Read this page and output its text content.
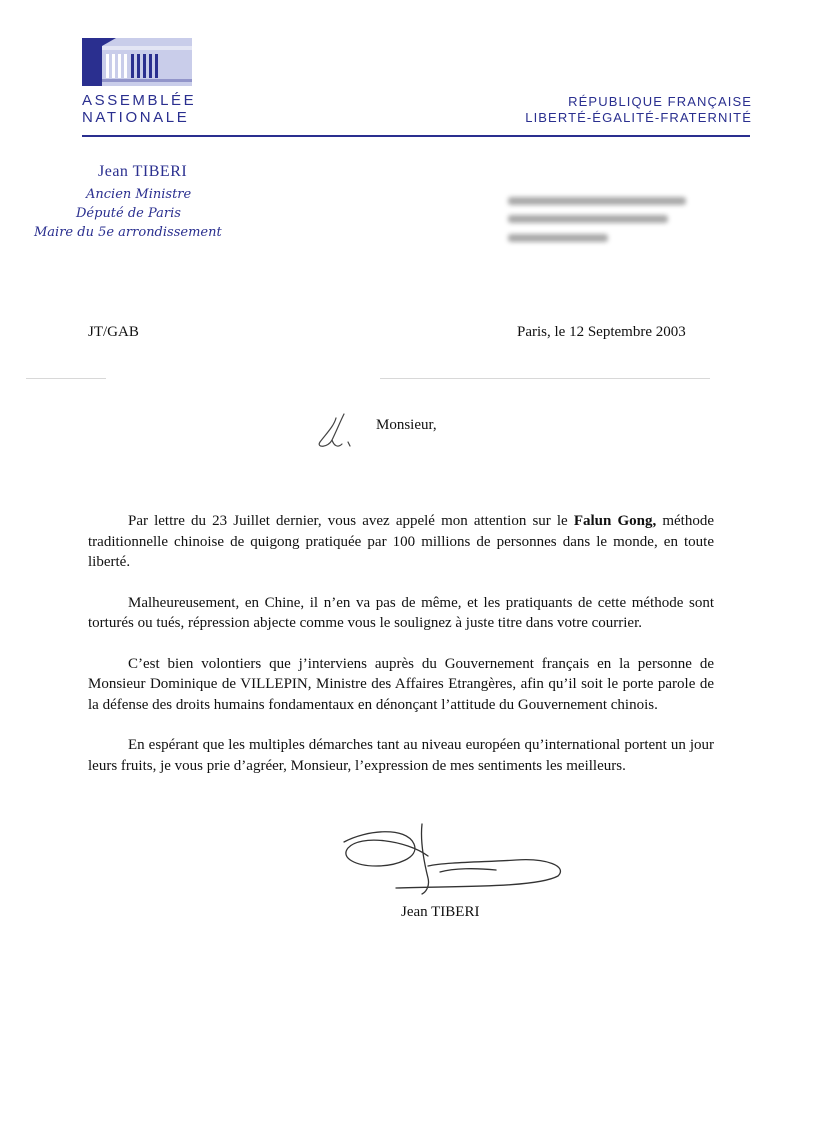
ASSEMBLÉE
NATIONALE
RÉPUBLIQUE FRANÇAISE
LIBERTÉ-ÉGALITÉ-FRATERNITÉ
Jean TIBERI
Ancien Ministre
Député de Paris
Maire du 5e arrondissement
JT/GAB	Paris, le 12 Septembre 2003
Monsieur,

Par lettre du 23 Juillet dernier, vous avez appelé mon attention sur le Falun Gong, méthode traditionnelle chinoise de quigong pratiquée par 100 millions de personnes dans le monde, en toute liberté.

Malheureusement, en Chine, il n’en va pas de même, et les pratiquants de cette méthode sont torturés ou tués, répression abjecte comme vous le soulignez à juste titre dans votre courrier.

C’est bien volontiers que j’interviens auprès du Gouvernement français en la personne de Monsieur Dominique de VILLEPIN, Ministre des Affaires Etrangères, afin qu’il soit le porte parole de la défense des droits humains fondamentaux en dénonçant l’attitude du Gouvernement chinois.

En espérant que les multiples démarches tant au niveau européen qu’international portent un jour leurs fruits, je vous prie d’agréer, Monsieur, l’expression de mes sentiments les meilleurs.

Jean TIBERI
